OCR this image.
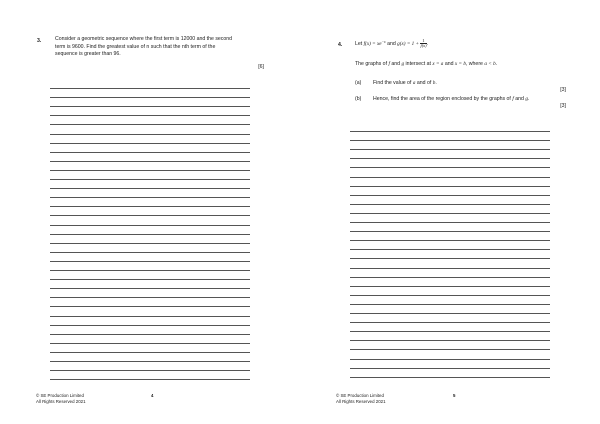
3.	Consider a geometric sequence where the first term is 12000 and the second
term is 9600. Find the greatest value of n such that the nth term of the
sequence is greater than 96.
[6]
© SE Production Limited
All Rights Reserved 2021
4
4. Let $f(x) = xe^{-x}$ and $g(x) = 1 + \frac{1}{f(x)}$ .
The graphs of f and g intersect at x = a and x = b, where a < b.
(a) Find the value of a and of b.
[3]
(b) Hence, find the area of the region enclosed by the graphs of f and g.
[3]
© SE Production Limited
All Rights Reserved 2021
5
